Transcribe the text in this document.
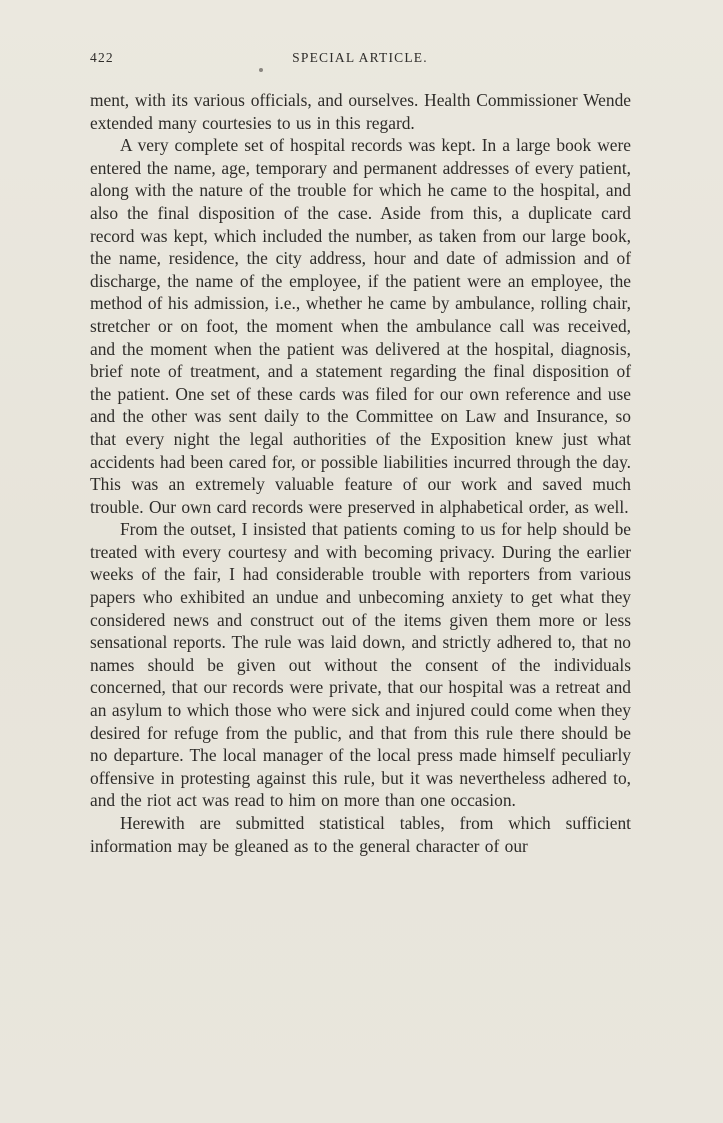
422	SPECIAL ARTICLE.

ment, with its various officials, and ourselves. Health Commissioner Wende extended many courtesies to us in this regard.

A very complete set of hospital records was kept. In a large book were entered the name, age, temporary and permanent addresses of every patient, along with the nature of the trouble for which he came to the hospital, and also the final disposition of the case. Aside from this, a duplicate card record was kept, which included the number, as taken from our large book, the name, residence, the city address, hour and date of admission and of discharge, the name of the employee, if the patient were an employee, the method of his admission, i.e., whether he came by ambulance, rolling chair, stretcher or on foot, the moment when the ambulance call was received, and the moment when the patient was delivered at the hospital, diagnosis, brief note of treatment, and a statement regarding the final disposition of the patient. One set of these cards was filed for our own reference and use and the other was sent daily to the Committee on Law and Insurance, so that every night the legal authorities of the Exposition knew just what accidents had been cared for, or possible liabilities incurred through the day. This was an extremely valuable feature of our work and saved much trouble. Our own card records were preserved in alphabetical order, as well.

From the outset, I insisted that patients coming to us for help should be treated with every courtesy and with becoming privacy. During the earlier weeks of the fair, I had considerable trouble with reporters from various papers who exhibited an undue and unbecoming anxiety to get what they considered news and construct out of the items given them more or less sensational reports. The rule was laid down, and strictly adhered to, that no names should be given out without the consent of the individuals concerned, that our records were private, that our hospital was a retreat and an asylum to which those who were sick and injured could come when they desired for refuge from the public, and that from this rule there should be no departure. The local manager of the local press made himself peculiarly offensive in protesting against this rule, but it was nevertheless adhered to, and the riot act was read to him on more than one occasion.

Herewith are submitted statistical tables, from which sufficient information may be gleaned as to the general character of our
